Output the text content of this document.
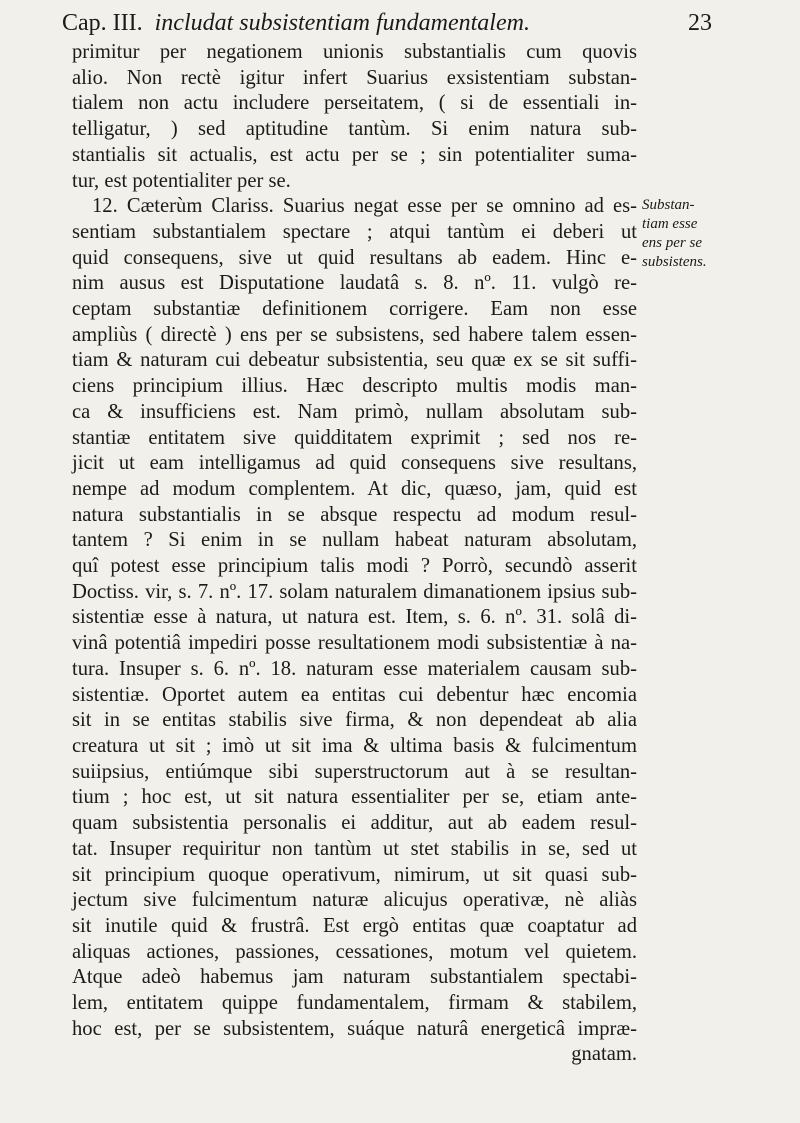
Cap. III. includat subsistentiam fundamentalem.	23
primitur per negationem unionis substantialis cum quovis
alio. Non rectè igitur infert Suarius exsistentiam substan-
tialem non actu includere perseitatem, ( si de essentiali in-
telligatur, ) sed aptitudine tantùm. Si enim natura sub-
stantialis sit actualis, est actu per se ; sin potentialiter suma-
tur, est potentialiter per se.
12. Cæterùm Clariss. Suarius negat esse per se omnino ad es-
sentiam substantialem spectare ; atqui tantùm ei deberi ut
quid consequens, sive ut quid resultans ab eadem. Hinc e-
nim ausus est Disputatione laudatâ s. 8. nº. 11. vulgò re-
ceptam substantiæ definitionem corrigere. Eam non esse
ampliùs ( directè ) ens per se subsistens, sed habere talem essen-
tiam & naturam cui debeatur subsistentia, seu quæ ex se sit suffi-
ciens principium illius. Hæc descripto multis modis man-
ca & insufficiens est. Nam primò, nullam absolutam sub-
stantiæ entitatem sive quidditatem exprimit ; sed nos re-
jicit ut eam intelligamus ad quid consequens sive resultans,
nempe ad modum complentem. At dic, quæso, jam, quid est
natura substantialis in se absque respectu ad modum resul-
tantem ? Si enim in se nullam habeat naturam absolutam,
quî potest esse principium talis modi ? Porrò, secundò asserit
Doctiss. vir, s. 7. nº. 17. solam naturalem dimanationem ipsius sub-
sistentiæ esse à natura, ut natura est. Item, s. 6. nº. 31. solâ di-
vinâ potentiâ impediri posse resultationem modi subsistentiæ à na-
tura. Insuper s. 6. nº. 18. naturam esse materialem causam sub-
sistentiæ. Oportet autem ea entitas cui debentur hæc encomia
sit in se entitas stabilis sive firma, & non dependeat ab alia
creatura ut sit ; imò ut sit ima & ultima basis & fulcimentum
suiipsius, entiúmque sibi superstructorum aut à se resultan-
tium ; hoc est, ut sit natura essentialiter per se, etiam ante-
quam subsistentia personalis ei additur, aut ab eadem resul-
tat. Insuper requiritur non tantùm ut stet stabilis in se, sed ut
sit principium quoque operativum, nimirum, ut sit quasi sub-
jectum sive fulcimentum naturæ alicujus operativæ, nè aliàs
sit inutile quid & frustrâ. Est ergò entitas quæ coaptatur ad
aliquas actiones, passiones, cessationes, motum vel quietem.
Atque adeò habemus jam naturam substantialem spectabi-
lem, entitatem quippe fundamentalem, firmam & stabilem,
hoc est, per se subsistentem, suáque naturâ energeticâ impræ-
gnatam.
Substan-
tiam esse
ens per se
subsistens.
